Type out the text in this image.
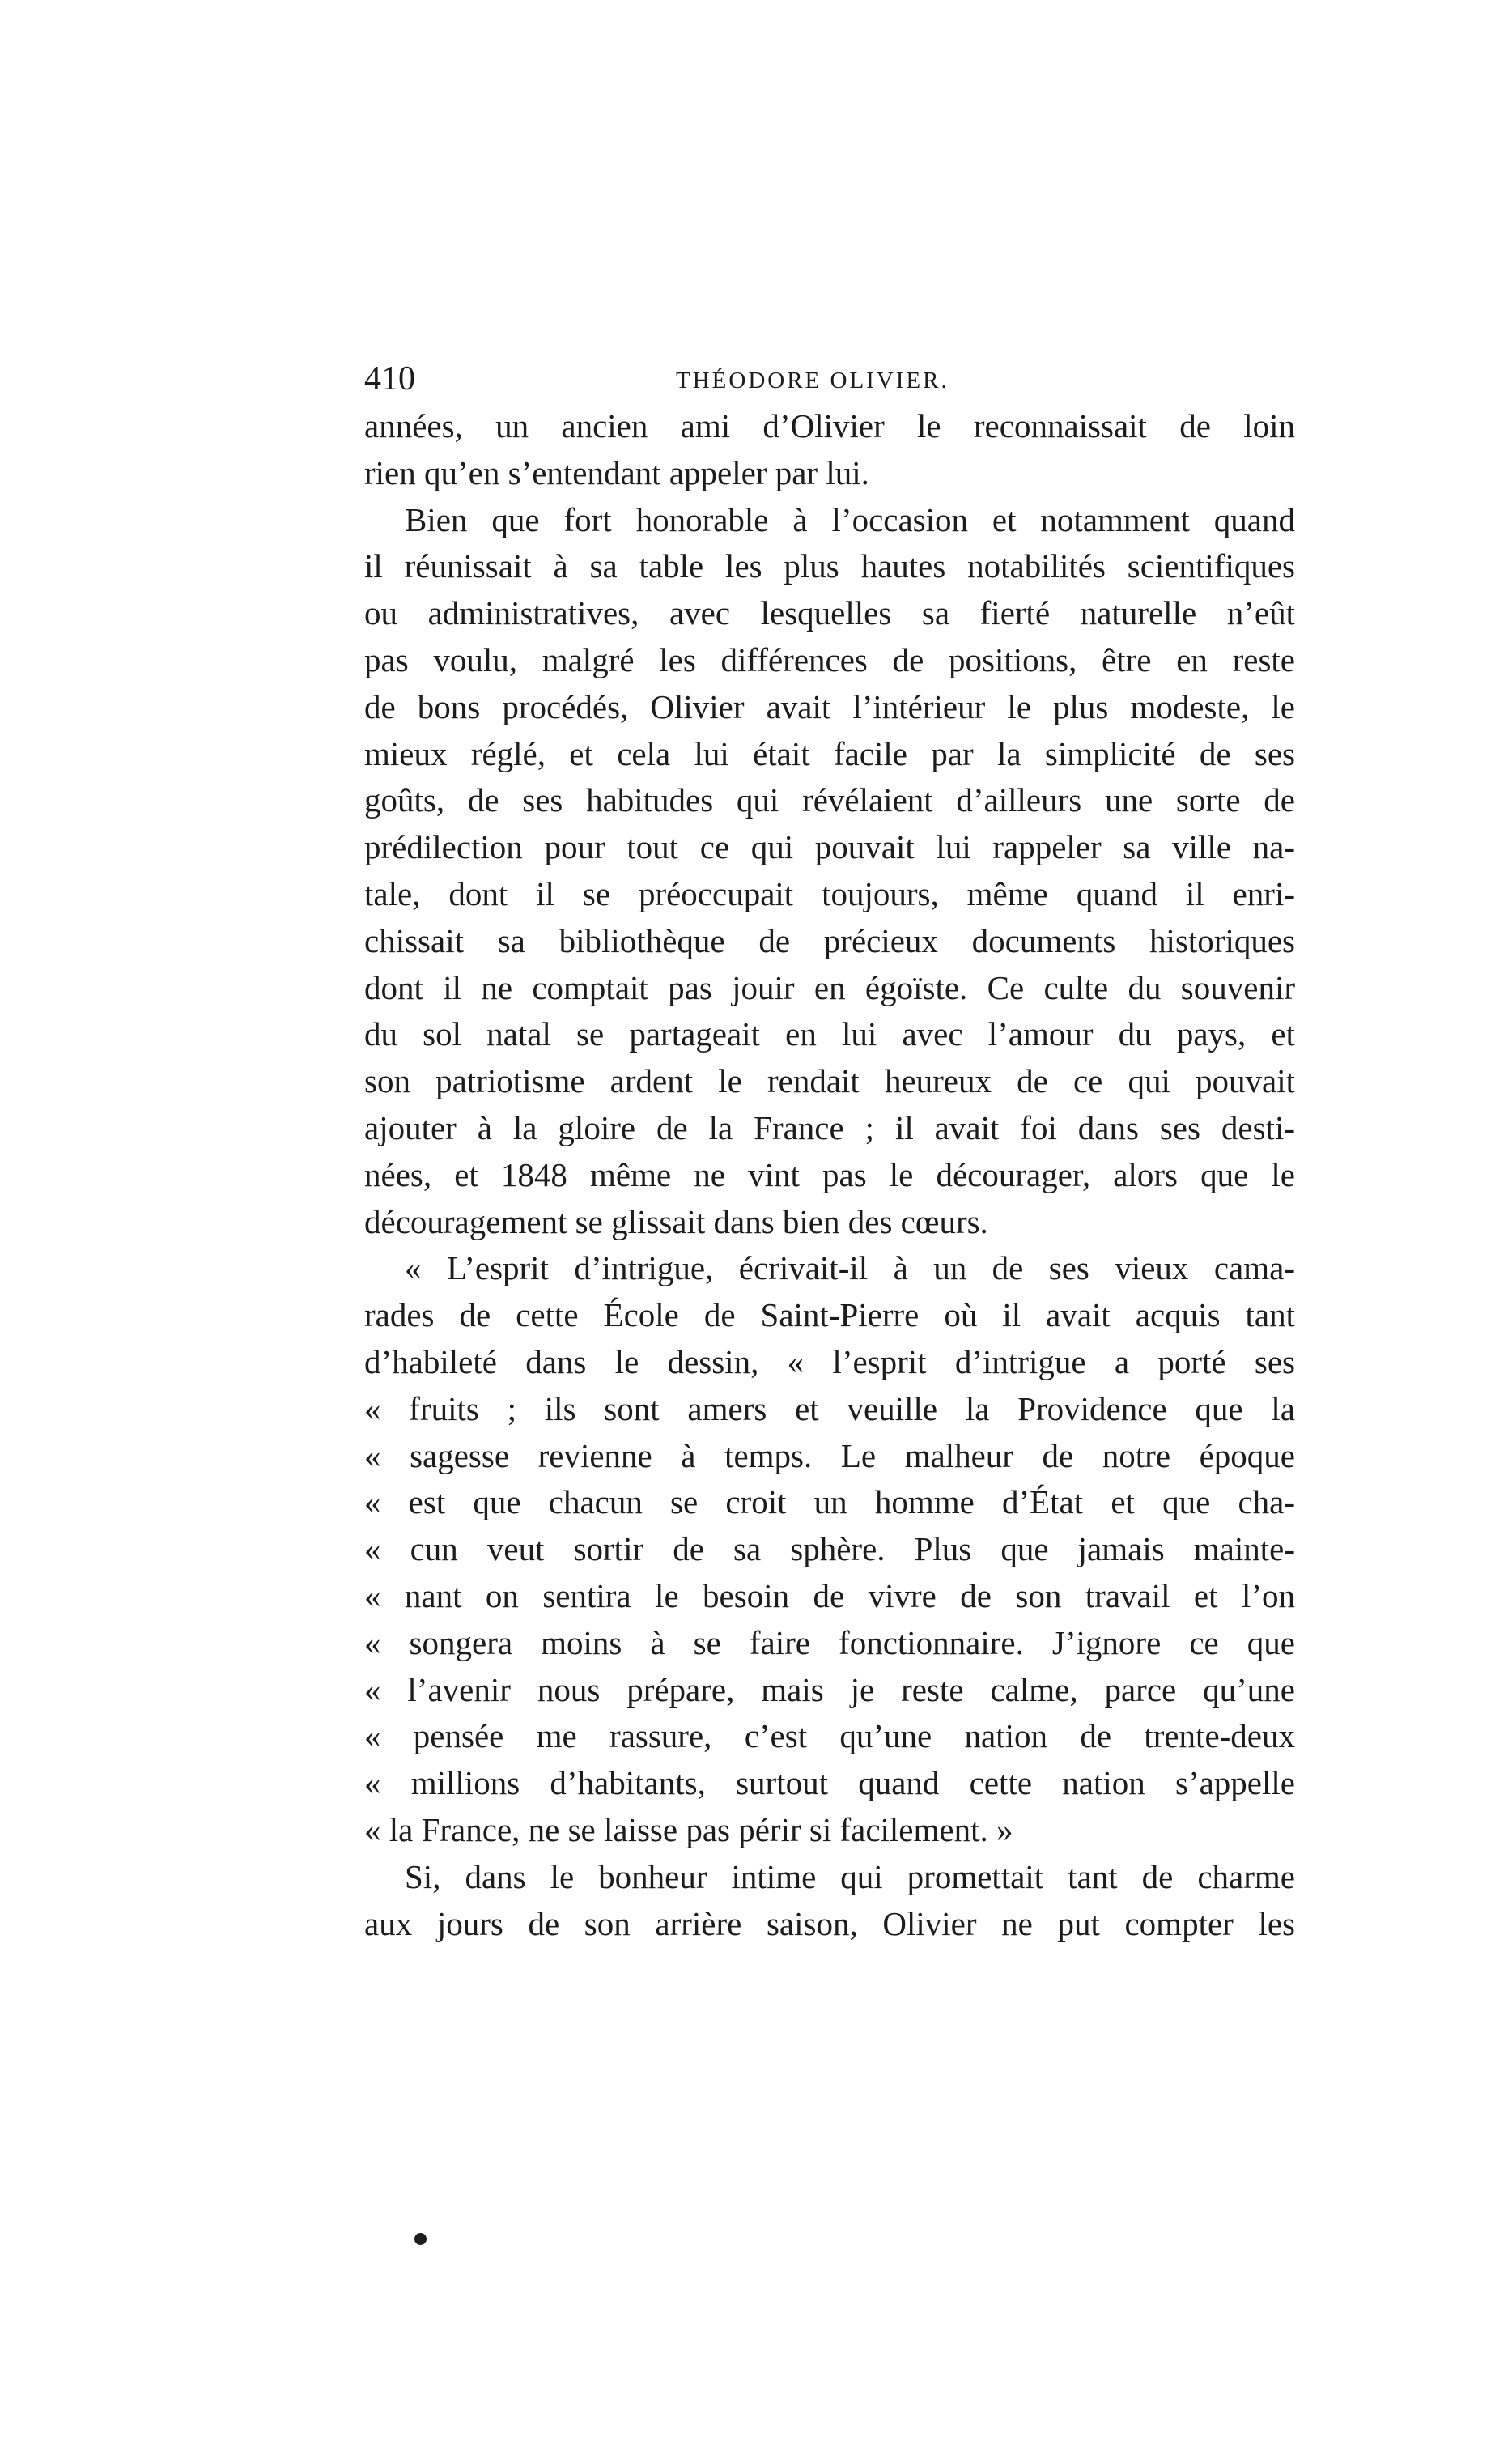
410	THÉODORE OLIVIER.
années, un ancien ami d’Olivier le reconnaissait de loin
rien qu’en s’entendant appeler par lui.
Bien que fort honorable à l’occasion et notamment quand
il réunissait à sa table les plus hautes notabilités scientifiques
ou administratives, avec lesquelles sa fierté naturelle n’eût
pas voulu, malgré les différences de positions, être en reste
de bons procédés, Olivier avait l’intérieur le plus modeste, le
mieux réglé, et cela lui était facile par la simplicité de ses
goûts, de ses habitudes qui révélaient d’ailleurs une sorte de
prédilection pour tout ce qui pouvait lui rappeler sa ville na-
tale, dont il se préoccupait toujours, même quand il enri-
chissait sa bibliothèque de précieux documents historiques
dont il ne comptait pas jouir en égoïste. Ce culte du souvenir
du sol natal se partageait en lui avec l’amour du pays, et
son patriotisme ardent le rendait heureux de ce qui pouvait
ajouter à la gloire de la France ; il avait foi dans ses desti-
nées, et 1848 même ne vint pas le décourager, alors que le
découragement se glissait dans bien des cœurs.
« L’esprit d’intrigue, écrivait-il à un de ses vieux cama-
rades de cette École de Saint-Pierre où il avait acquis tant
d’habileté dans le dessin, « l’esprit d’intrigue a porté ses
« fruits ; ils sont amers et veuille la Providence que la
« sagesse revienne à temps. Le malheur de notre époque
« est que chacun se croit un homme d’État et que cha-
« cun veut sortir de sa sphère. Plus que jamais mainte-
« nant on sentira le besoin de vivre de son travail et l’on
« songera moins à se faire fonctionnaire. J’ignore ce que
« l’avenir nous prépare, mais je reste calme, parce qu’une
« pensée me rassure, c’est qu’une nation de trente-deux
« millions d’habitants, surtout quand cette nation s’appelle
« la France, ne se laisse pas périr si facilement. »
Si, dans le bonheur intime qui promettait tant de charme
aux jours de son arrière saison, Olivier ne put compter les
